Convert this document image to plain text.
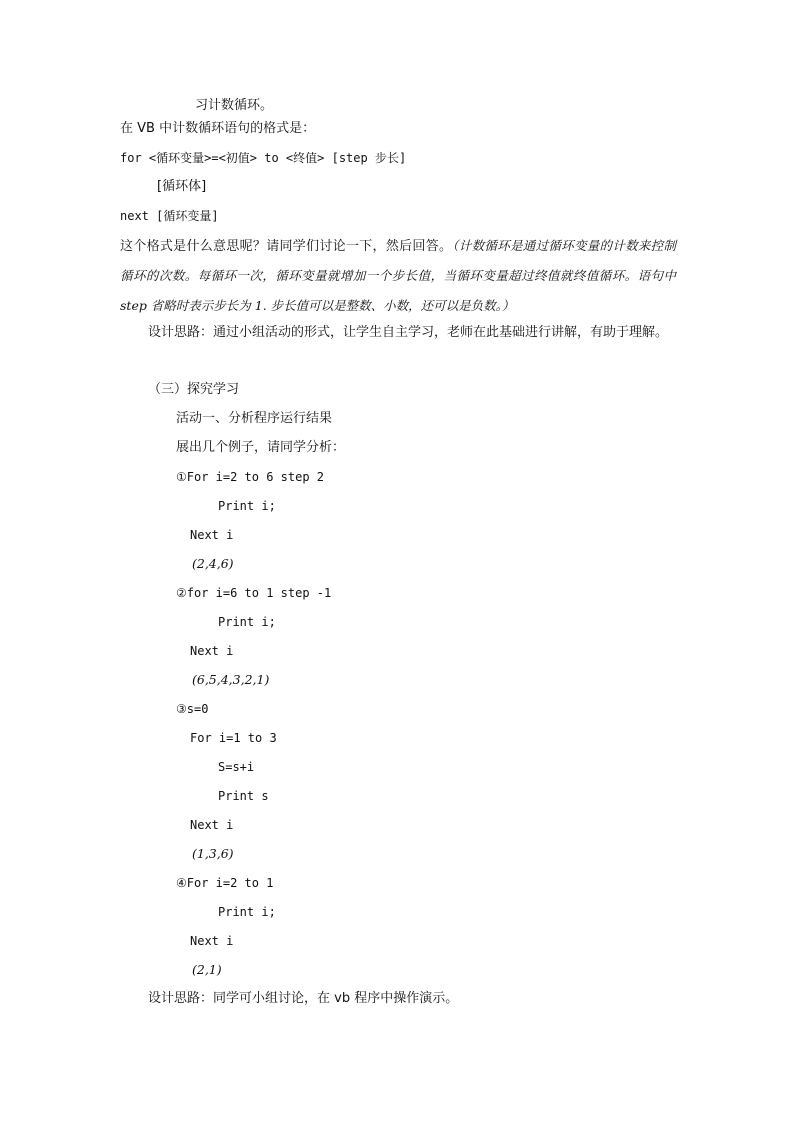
习计数循环。
在 VB 中计数循环语句的格式是：
for <循环变量>=<初值> to <终值> [step 步长]
[循环体]
next [循环变量]
这个格式是什么意思呢？请同学们讨论一下，然后回答。（计数循环是通过循环变量的计数来控制循环的次数。每循环一次，循环变量就增加一个步长值，当循环变量超过终值就终值循环。语句中 step 省略时表示步长为 1. 步长值可以是整数、小数，还可以是负数。）
设计思路：通过小组活动的形式，让学生自主学习，老师在此基础进行讲解，有助于理解。
（三）探究学习
活动一、分析程序运行结果
展出几个例子，请同学分析：
①For i=2 to 6 step 2
Print i;
Next i
(2,4,6)
②for i=6 to 1 step -1
Print i;
Next i
(6,5,4,3,2,1)
③s=0
For i=1 to 3
S=s+i
Print s
Next i
(1,3,6)
④For i=2 to 1
Print i;
Next i
(2,1)
设计思路：同学可小组讨论，在 vb 程序中操作演示。
